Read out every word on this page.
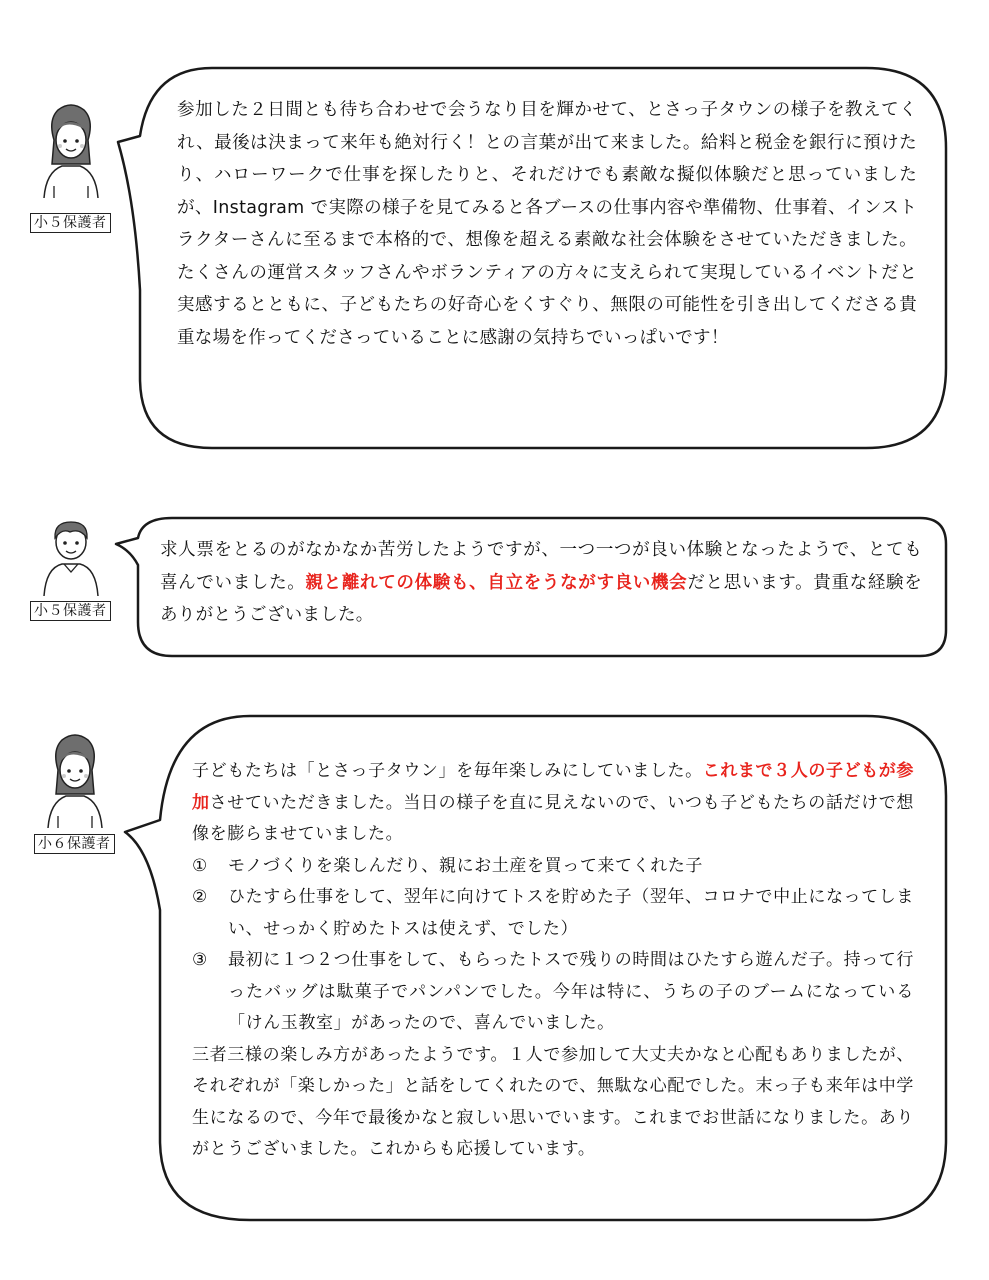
小５保護者

参加した２日間とも待ち合わせで会うなり目を輝かせて、とさっ子タウンの様子を教えてくれ、最後は決まって来年も絶対行く！との言葉が出て来ました。給料と税金を銀行に預けたり、ハローワークで仕事を探したりと、それだけでも素敵な擬似体験だと思っていましたが、Instagram で実際の様子を見てみると各ブースの仕事内容や準備物、仕事着、インストラクターさんに至るまで本格的で、想像を超える素敵な社会体験をさせていただきました。たくさんの運営スタッフさんやボランティアの方々に支えられて実現しているイベントだと実感するとともに、子どもたちの好奇心をくすぐり、無限の可能性を引き出してくださる貴重な場を作ってくださっていることに感謝の気持ちでいっぱいです！

小５保護者

求人票をとるのがなかなか苦労したようですが、一つ一つが良い体験となったようで、とても喜んでいました。親と離れての体験も、自立をうながす良い機会だと思います。貴重な経験をありがとうございました。

小６保護者

子どもたちは「とさっ子タウン」を毎年楽しみにしていました。これまで３人の子どもが参加させていただきました。当日の様子を直に見えないので、いつも子どもたちの話だけで想像を膨らませていました。

①	モノづくりを楽しんだり、親にお土産を買って来てくれた子
②	ひたすら仕事をして、翌年に向けてトスを貯めた子（翌年、コロナで中止になってしまい、せっかく貯めたトスは使えず、でした）
③	最初に１つ２つ仕事をして、もらったトスで残りの時間はひたすら遊んだ子。持って行ったバッグは駄菓子でパンパンでした。今年は特に、うちの子のブームになっている「けん玉教室」があったので、喜んでいました。

三者三様の楽しみ方があったようです。１人で参加して大丈夫かなと心配もありましたが、それぞれが「楽しかった」と話をしてくれたので、無駄な心配でした。末っ子も来年は中学生になるので、今年で最後かなと寂しい思いでいます。これまでお世話になりました。ありがとうございました。これからも応援しています。
